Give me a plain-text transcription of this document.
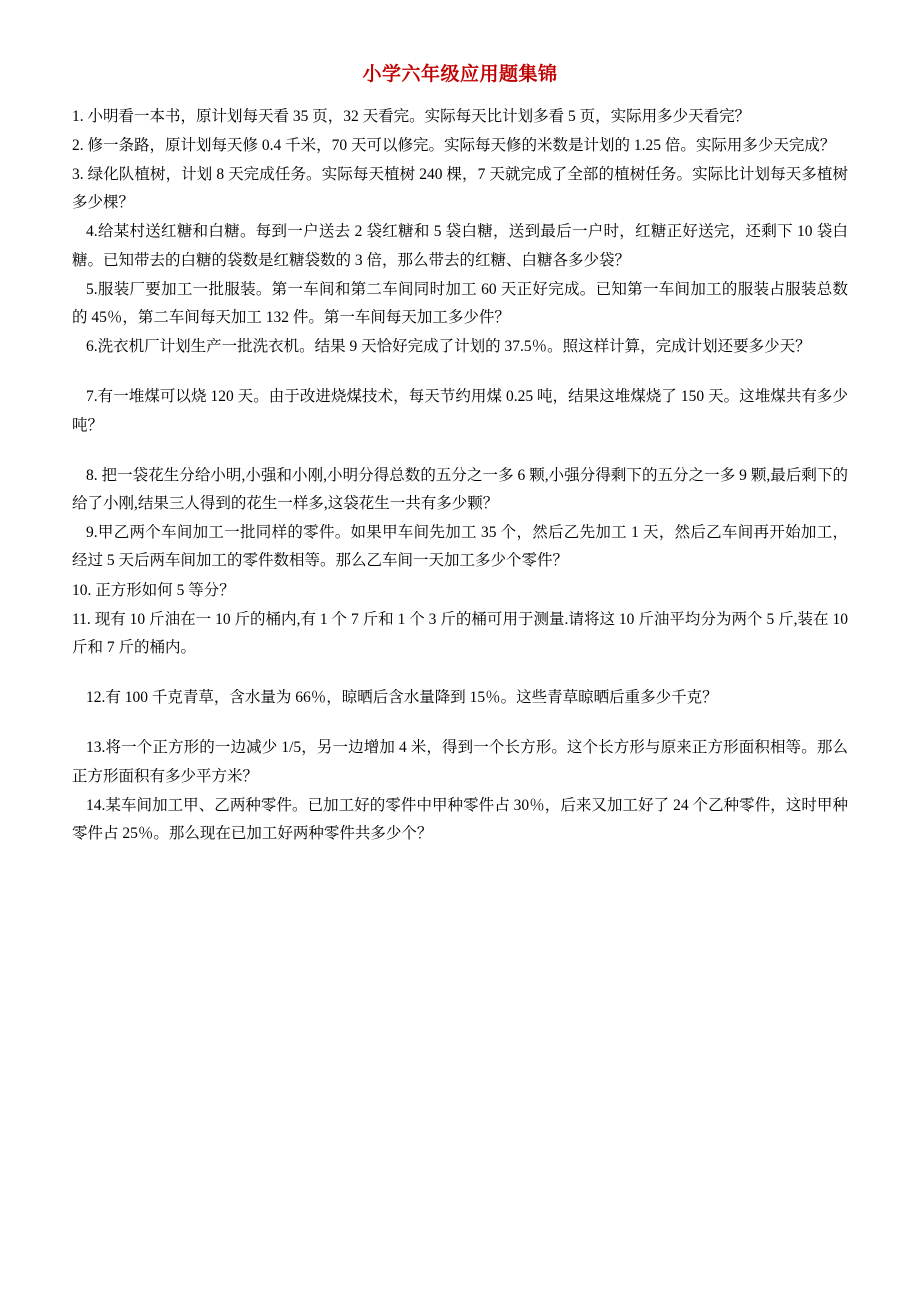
小学六年级应用题集锦

1. 小明看一本书，原计划每天看 35 页，32 天看完。实际每天比计划多看 5 页，实际用多少天看完？

2. 修一条路，原计划每天修 0.4 千米，70 天可以修完。实际每天修的米数是计划的 1.25 倍。实际用多少天完成？

3. 绿化队植树，计划 8 天完成任务。实际每天植树 240 棵，7 天就完成了全部的植树任务。实际比计划每天多植树多少棵？

4.给某村送红糖和白糖。每到一户送去 2 袋红糖和 5 袋白糖，送到最后一户时，红糖正好送完，还剩下 10 袋白糖。已知带去的白糖的袋数是红糖袋数的 3 倍，那么带去的红糖、白糖各多少袋？

5.服装厂要加工一批服装。第一车间和第二车间同时加工 60 天正好完成。已知第一车间加工的服装占服装总数的 45％，第二车间每天加工 132 件。第一车间每天加工多少件？

6.洗衣机厂计划生产一批洗衣机。结果 9 天恰好完成了计划的 37.5％。照这样计算，完成计划还要多少天？

7.有一堆煤可以烧 120 天。由于改进烧煤技术，每天节约用煤 0.25 吨，结果这堆煤烧了 150 天。这堆煤共有多少吨？

8. 把一袋花生分给小明,小强和小刚,小明分得总数的五分之一多 6 颗,小强分得剩下的五分之一多 9 颗,最后剩下的给了小刚,结果三人得到的花生一样多,这袋花生一共有多少颗？

9.甲乙两个车间加工一批同样的零件。如果甲车间先加工 35 个，然后乙先加工 1 天，然后乙车间再开始加工，经过 5 天后两车间加工的零件数相等。那么乙车间一天加工多少个零件？

10. 正方形如何 5 等分？

11. 现有 10 斤油在一 10 斤的桶内,有 1 个 7 斤和 1 个 3 斤的桶可用于测量.请将这 10 斤油平均分为两个 5 斤,装在 10 斤和 7 斤的桶内。

12.有 100 千克青草，含水量为 66％，晾晒后含水量降到 15％。这些青草晾晒后重多少千克？

13.将一个正方形的一边减少 1/5，另一边增加 4 米，得到一个长方形。这个长方形与原来正方形面积相等。那么正方形面积有多少平方米？

14.某车间加工甲、乙两种零件。已加工好的零件中甲种零件占 30％，后来又加工好了 24 个乙种零件，这时甲种零件占 25％。那么现在已加工好两种零件共多少个？
